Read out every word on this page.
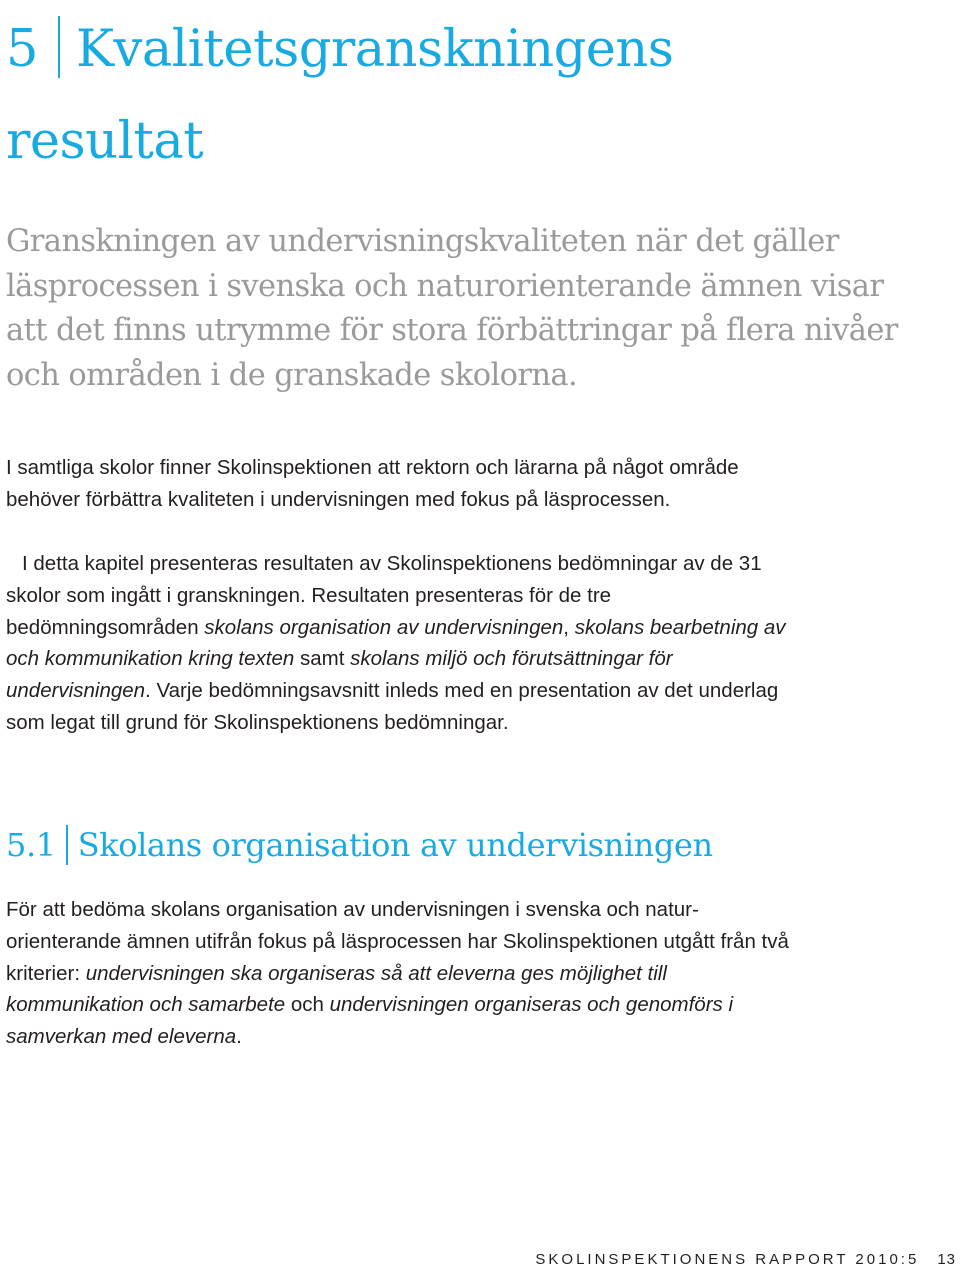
5 Kvalitetsgranskningens
resultat

Granskningen av undervisningskvaliteten när det gäller läsprocessen i svenska och naturorienterande ämnen visar att det finns utrymme för stora förbättringar på flera nivåer och områden i de granskade skolorna.

I samtliga skolor finner Skolinspektionen att rektorn och lärarna på något område behöver förbättra kvaliteten i undervisningen med fokus på läsprocessen.

I detta kapitel presenteras resultaten av Skolinspektionens bedömningar av de 31 skolor som ingått i granskningen. Resultaten presenteras för de tre bedömningsområden skolans organisation av undervisningen, skolans bearbetning av och kommunikation kring texten samt skolans miljö och förutsättningar för undervisningen. Varje bedömningsavsnitt inleds med en presentation av det underlag som legat till grund för Skolinspektionens bedömningar.

5.1 Skolans organisation av undervisningen

För att bedöma skolans organisation av undervisningen i svenska och naturorienterande ämnen utifrån fokus på läsprocessen har Skolinspektionen utgått från två kriterier: undervisningen ska organiseras så att eleverna ges möjlighet till kommunikation och samarbete och undervisningen organiseras och genomförs i samverkan med eleverna.

SKOLINSPEKTIONENS RAPPORT 2010:5 13
